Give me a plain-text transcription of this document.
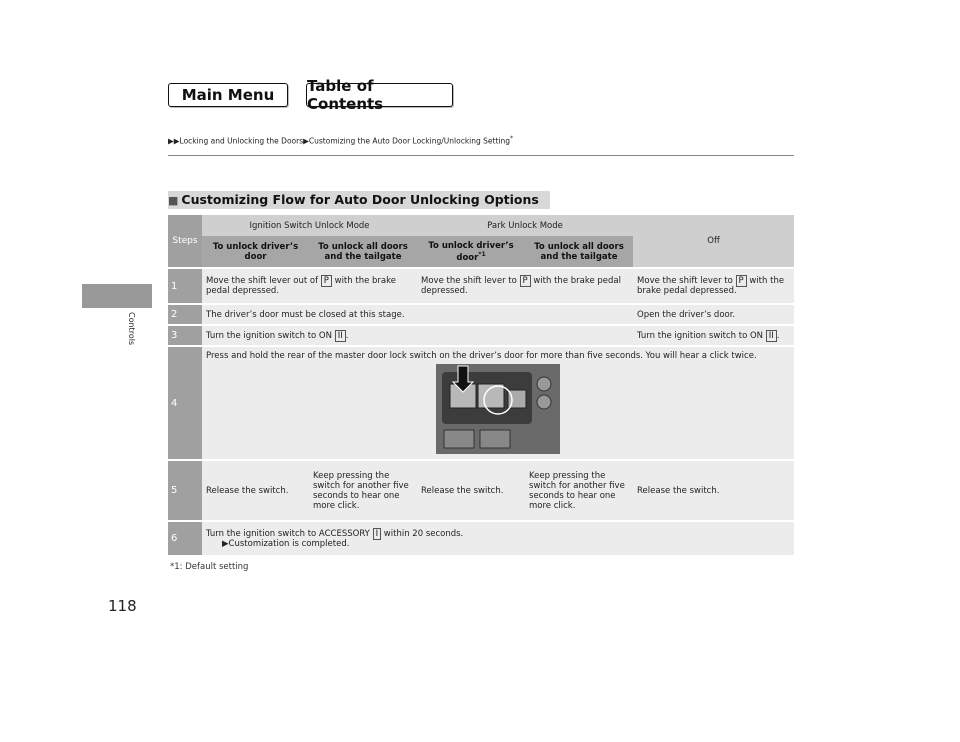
Main Menu	Table of Contents
▶▶Locking and Unlocking the Doors▶Customizing the Auto Door Locking/Unlocking Setting*
Controls
118
■ Customizing Flow for Auto Door Unlocking Options
Steps	Ignition Switch Unlock Mode		Park Unlock Mode		Off
	To unlock driver’s door	To unlock all doors and the tailgate	To unlock driver’s door$^{*1}$	To unlock all doors and the tailgate	

1	Move the shift lever out of P with the brake pedal depressed.		Move the shift lever to P with the brake pedal depressed.		Move the shift lever to P with the brake pedal depressed.

2	The driver’s door must be closed at this stage.				Open the driver’s door.

3	Turn the ignition switch to ON II .				Turn the ignition switch to ON II .

4	Press and hold the rear of the master door lock switch on the driver’s door for more than five seconds. You will hear a click twice.				

5	Release the switch.	Keep pressing the switch for another five seconds to hear one more click.	Release the switch.	Keep pressing the switch for another five seconds to hear one more click.	Release the switch.

6	Turn the ignition switch to ACCESSORY I within 20 seconds.
▶Customization is completed.				
*1: Default setting
